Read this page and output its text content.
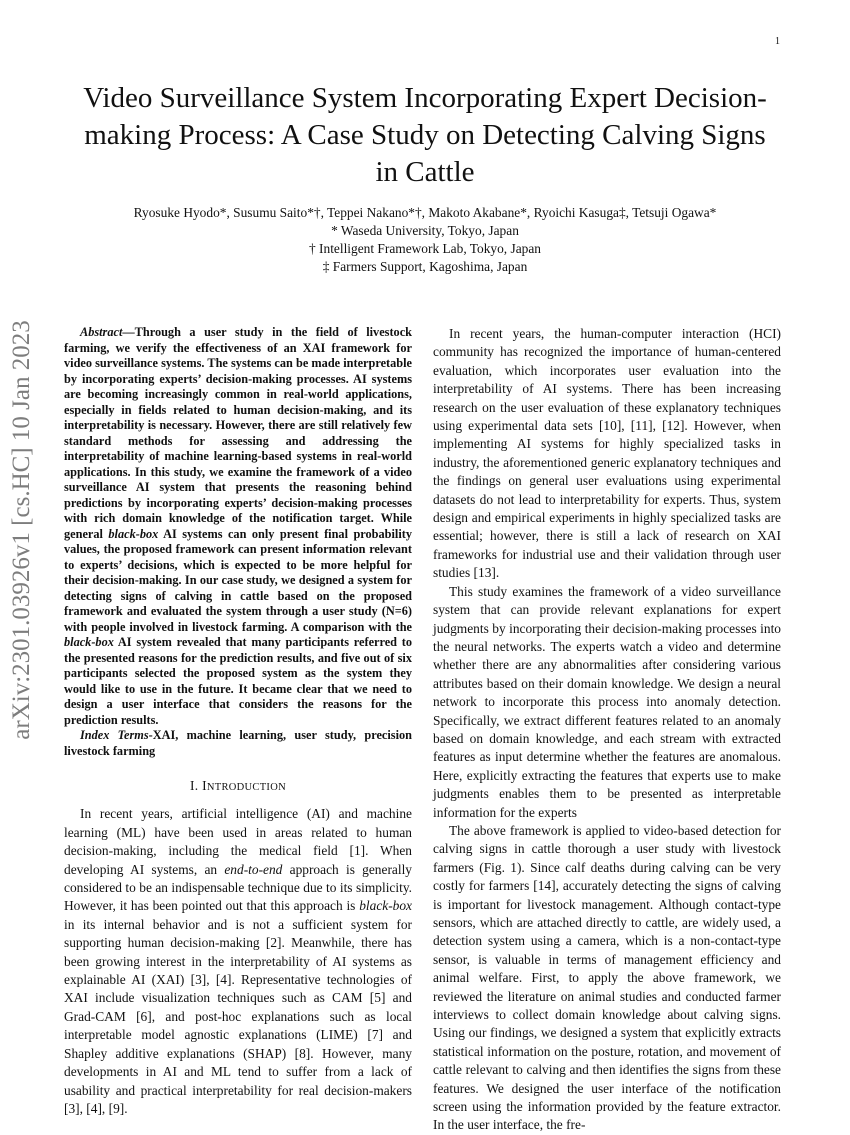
1
arXiv:2301.03926v1 [cs.HC] 10 Jan 2023
Video Surveillance System Incorporating Expert Decision-making Process: A Case Study on Detecting Calving Signs in Cattle
Ryosuke Hyodo*, Susumu Saito*†, Teppei Nakano*†, Makoto Akabane*, Ryoichi Kasuga‡, Tetsuji Ogawa*
* Waseda University, Tokyo, Japan
† Intelligent Framework Lab, Tokyo, Japan
‡ Farmers Support, Kagoshima, Japan

Abstract—Through a user study in the field of livestock farming, we verify the effectiveness of an XAI framework for video surveillance systems. The systems can be made interpretable by incorporating experts’ decision-making processes. AI systems are becoming increasingly common in real-world applications, especially in fields related to human decision-making, and its interpretability is necessary. However, there are still relatively few standard methods for assessing and addressing the interpretability of machine learning-based systems in real-world applications. In this study, we examine the framework of a video surveillance AI system that presents the reasoning behind predictions by incorporating experts’ decision-making processes with rich domain knowledge of the notification target. While general black-box AI systems can only present final probability values, the proposed framework can present information relevant to experts’ decisions, which is expected to be more helpful for their decision-making. In our case study, we designed a system for detecting signs of calving in cattle based on the proposed framework and evaluated the system through a user study (N=6) with people involved in livestock farming. A comparison with the black-box AI system revealed that many participants referred to the presented reasons for the prediction results, and five out of six participants selected the proposed system as the system they would like to use in the future. It became clear that we need to design a user interface that considers the reasons for the prediction results.

Index Terms-XAI, machine learning, user study, precision livestock farming

I. INTRODUCTION

In recent years, artificial intelligence (AI) and machine learning (ML) have been used in areas related to human decision-making, including the medical field [1]. When developing AI systems, an end-to-end approach is generally considered to be an indispensable technique due to its simplicity. However, it has been pointed out that this approach is black-box in its internal behavior and is not a sufficient system for supporting human decision-making [2]. Meanwhile, there has been growing interest in the interpretability of AI systems as explainable AI (XAI) [3], [4]. Representative technologies of XAI include visualization techniques such as CAM [5] and Grad-CAM [6], and post-hoc explanations such as local interpretable model agnostic explanations (LIME) [7] and Shapley additive explanations (SHAP) [8]. However, many developments in AI and ML tend to suffer from a lack of usability and practical interpretability for real decision-makers [3], [4], [9].

In recent years, the human-computer interaction (HCI) community has recognized the importance of human-centered evaluation, which incorporates user evaluation into the interpretability of AI systems. There has been increasing research on the user evaluation of these explanatory techniques using experimental data sets [10], [11], [12]. However, when implementing AI systems for highly specialized tasks in industry, the aforementioned generic explanatory techniques and the findings on general user evaluations using experimental datasets do not lead to interpretability for experts. Thus, system design and empirical experiments in highly specialized tasks are essential; however, there is still a lack of research on XAI frameworks for industrial use and their validation through user studies [13].

This study examines the framework of a video surveillance system that can provide relevant explanations for expert judgments by incorporating their decision-making processes into the neural networks. The experts watch a video and determine whether there are any abnormalities after considering various attributes based on their domain knowledge. We design a neural network to incorporate this process into anomaly detection. Specifically, we extract different features related to an anomaly based on domain knowledge, and each stream with extracted features as input determine whether the features are anomalous. Here, explicitly extracting the features that experts use to make judgments enables them to be presented as interpretable information for the experts

The above framework is applied to video-based detection for calving signs in cattle thorough a user study with livestock farmers (Fig. 1). Since calf deaths during calving can be very costly for farmers [14], accurately detecting the signs of calving is important for livestock management. Although contact-type sensors, which are attached directly to cattle, are widely used, a detection system using a camera, which is a non-contact-type sensor, is valuable in terms of management efficiency and animal welfare. First, to apply the above framework, we reviewed the literature on animal studies and conducted farmer interviews to collect domain knowledge about calving signs. Using our findings, we designed a system that explicitly extracts statistical information on the posture, rotation, and movement of cattle relevant to calving and then identifies the signs from these features. We designed the user interface of the notification screen using the information provided by the feature extractor. In the user interface, the fre-
